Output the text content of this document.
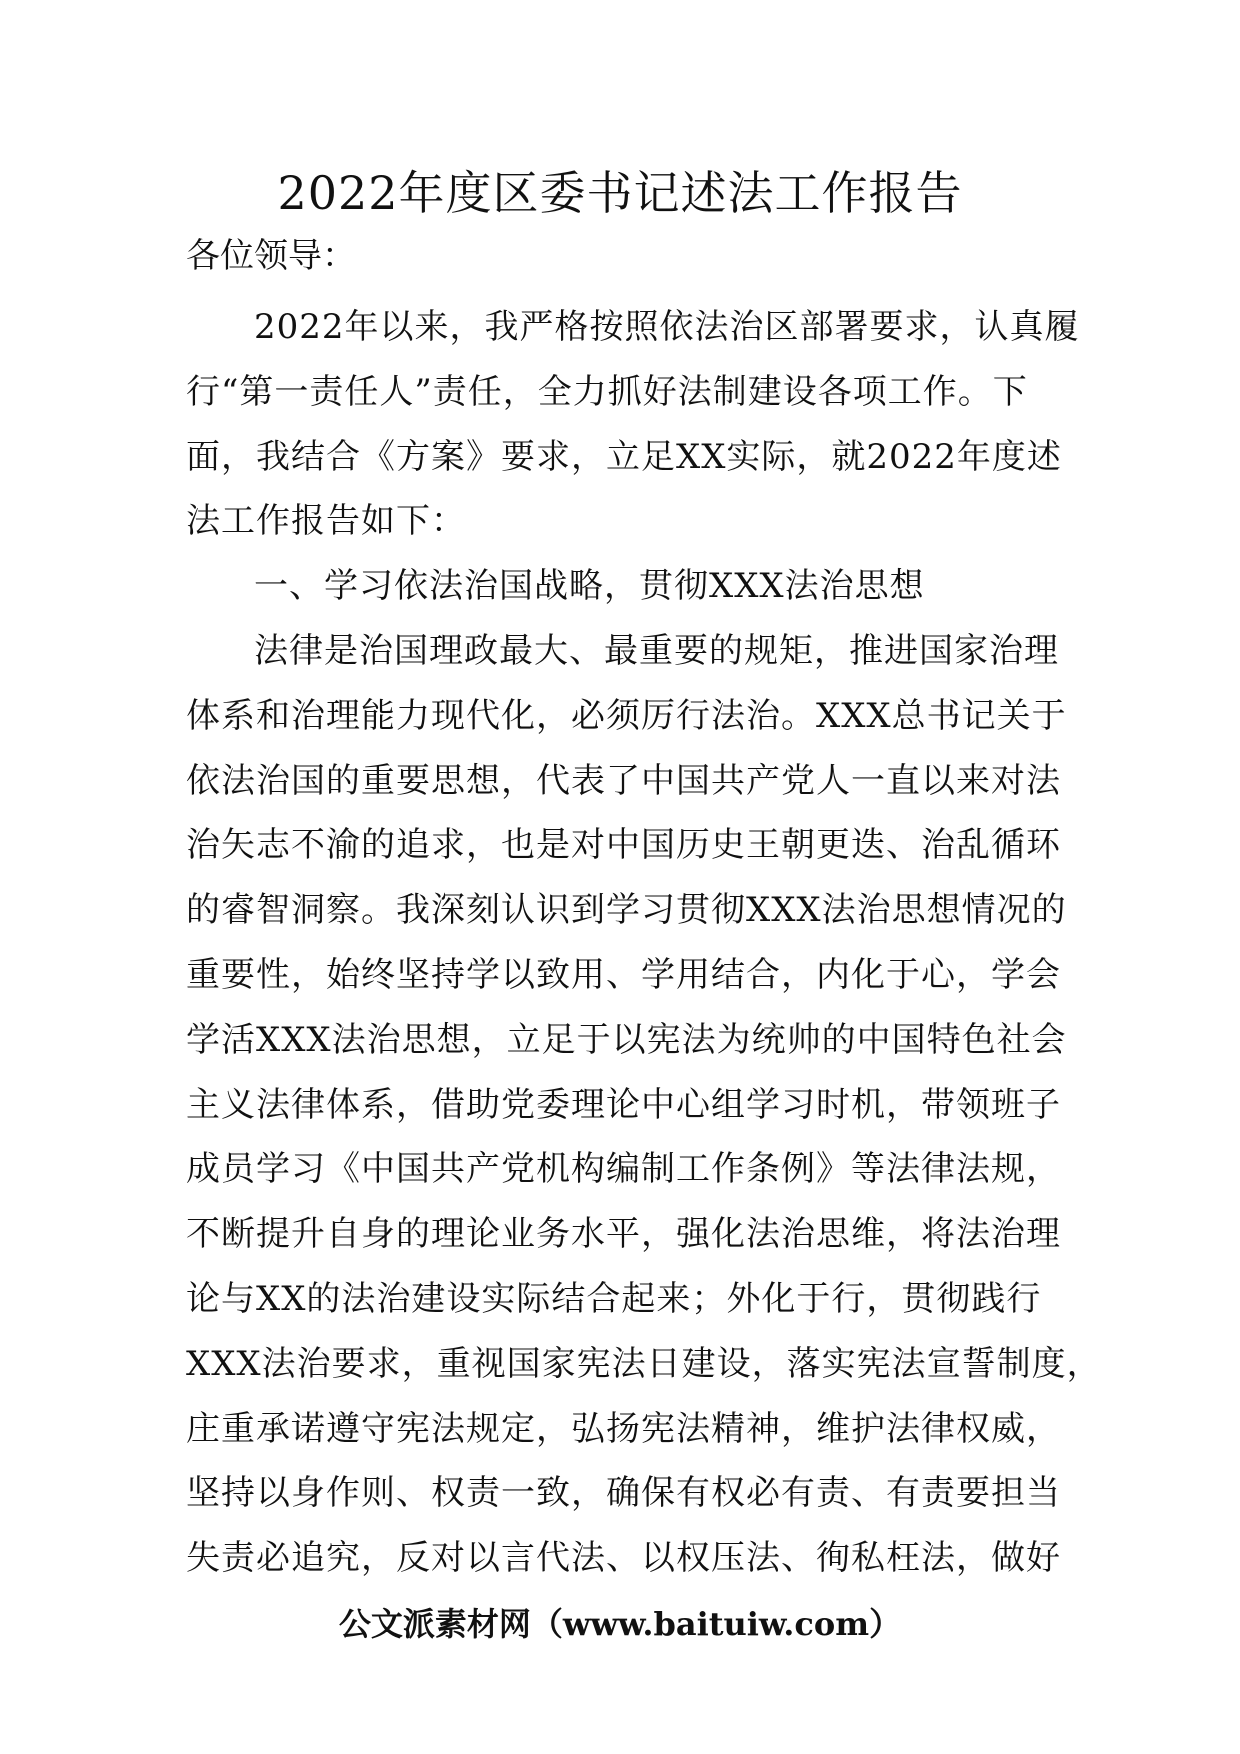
2022年度区委书记述法工作报告
各位领导：

2022年以来，我严格按照依法治区部署要求，认真履
行“第一责任人”责任，全力抓好法制建设各项工作。下
面，我结合《方案》要求，立足XX实际，就2022年度述
法工作报告如下：

一、学习依法治国战略，贯彻XXX法治思想

法律是治国理政最大、最重要的规矩，推进国家治理
体系和治理能力现代化，必须厉行法治。XXX总书记关于
依法治国的重要思想，代表了中国共产党人一直以来对法
治矢志不渝的追求，也是对中国历史王朝更迭、治乱循环
的睿智洞察。我深刻认识到学习贯彻XXX法治思想情况的
重要性，始终坚持学以致用、学用结合，内化于心，学会
学活XXX法治思想，立足于以宪法为统帅的中国特色社会
主义法律体系，借助党委理论中心组学习时机，带领班子
成员学习《中国共产党机构编制工作条例》等法律法规，
不断提升自身的理论业务水平，强化法治思维，将法治理
论与XX的法治建设实际结合起来；外化于行，贯彻践行
XXX法治要求，重视国家宪法日建设，落实宪法宣誓制度，
庄重承诺遵守宪法规定，弘扬宪法精神，维护法律权威，
坚持以身作则、权责一致，确保有权必有责、有责要担当
失责必追究，反对以言代法、以权压法、徇私枉法，做好

公文派素材网（www.baituiw.com）
